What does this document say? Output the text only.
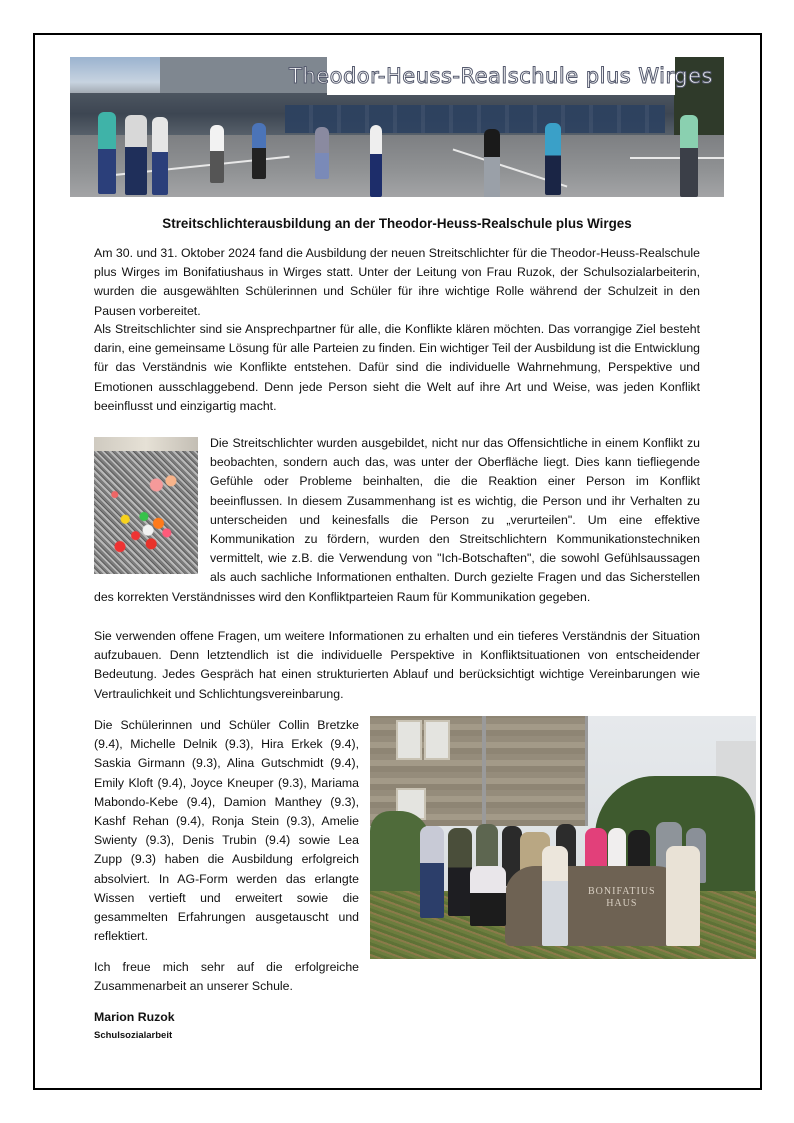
Theodor-Heuss-Realschule plus Wirges
Streitschlichterausbildung an der Theodor-Heuss-Realschule plus Wirges

Am 30. und 31. Oktober 2024 fand die Ausbildung der neuen Streitschlichter für die Theodor-Heuss-Realschule plus Wirges im Bonifatiushaus in Wirges statt. Unter der Leitung von Frau Ruzok, der Schulsozialarbeiterin, wurden die ausgewählten Schülerinnen und Schüler für ihre wichtige Rolle während der Schulzeit in den Pausen vorbereitet.

Als Streitschlichter sind sie Ansprechpartner für alle, die Konflikte klären möchten. Das vorrangige Ziel besteht darin, eine gemeinsame Lösung für alle Parteien zu finden. Ein wichtiger Teil der Ausbildung ist die Entwicklung für das Verständnis wie Konflikte entstehen. Dafür sind die individuelle Wahrnehmung, Perspektive und Emotionen ausschlaggebend. Denn jede Person sieht die Welt auf ihre Art und Weise, was jeden Konflikt beeinflusst und einzigartig macht.

Die Streitschlichter wurden ausgebildet, nicht nur das Offensichtliche in einem Konflikt zu beobachten, sondern auch das, was unter der Oberfläche liegt. Dies kann tiefliegende Gefühle oder Probleme beinhalten, die die Reaktion einer Person im Konflikt beeinflussen. In diesem Zusammenhang ist es wichtig, die Person und ihr Verhalten zu unterscheiden und keinesfalls die Person zu „verurteilen". Um eine effektive Kommunikation zu fördern, wurden den Streitschlichtern Kommunikationstechniken vermittelt, wie z.B. die Verwendung von "Ich-Botschaften", die sowohl Gefühlsaussagen als auch sachliche Informationen enthalten. Durch gezielte Fragen und das Sicherstellen des korrekten Verständnisses wird den Konfliktparteien Raum für Kommunikation gegeben.

Sie verwenden offene Fragen, um weitere Informationen zu erhalten und ein tieferes Verständnis der Situation aufzubauen. Denn letztendlich ist die individuelle Perspektive in Konfliktsituationen von entscheidender Bedeutung. Jedes Gespräch hat einen strukturierten Ablauf und berücksichtigt wichtige Vereinbarungen wie Vertraulichkeit und Schlichtungsvereinbarung.

Die Schülerinnen und Schüler Collin Bretzke (9.4), Michelle Delnik (9.3), Hira Erkek (9.4), Saskia Girmann (9.3), Alina Gutschmidt (9.4), Emily Kloft (9.4), Joyce Kneuper (9.3), Mariama Mabondo-Kebe (9.4), Damion Manthey (9.3), Kashf Rehan (9.4), Ronja Stein (9.3), Amelie Swienty (9.3), Denis Trubin (9.4) sowie Lea Zupp (9.3) haben die Ausbildung erfolgreich absolviert. In AG-Form werden das erlangte Wissen vertieft und erweitert sowie die gesammelten Erfahrungen ausgetauscht und reflektiert.

BONIFATIUS
HAUS

Ich freue mich sehr auf die erfolgreiche Zusammenarbeit an unserer Schule.

Marion Ruzok
Schulsozialarbeit
